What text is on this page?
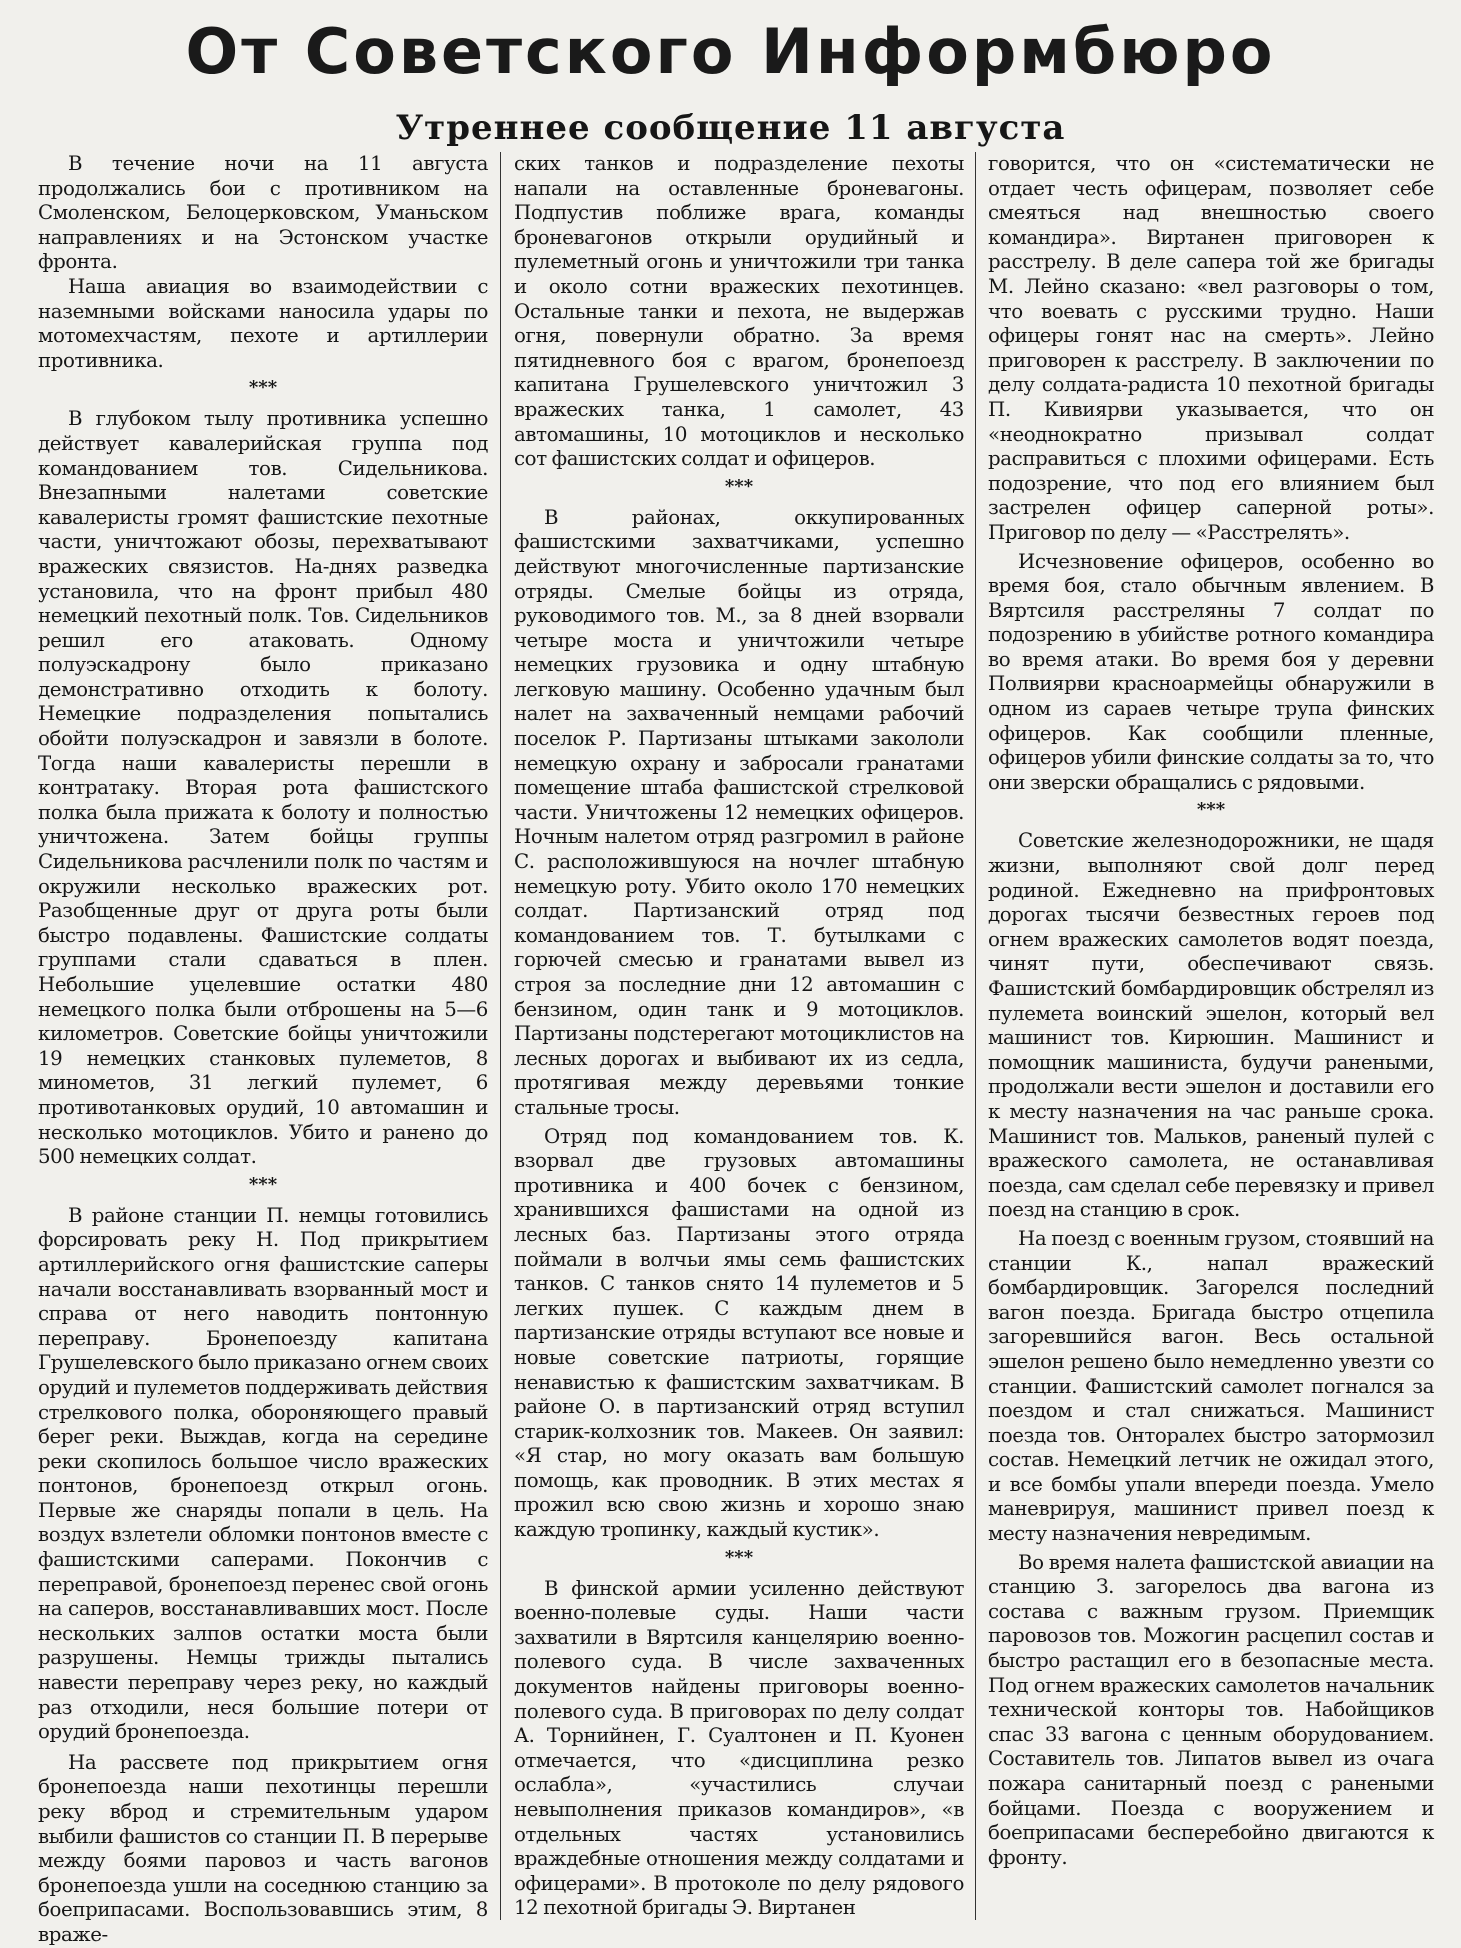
От Советского Информбюро
Утреннее сообщение 11 августа

В течение ночи на 11 августа продолжались бои с противником на Смоленском, Белоцерковском, Уманьском направлениях и на Эстонском участке фронта.

Наша авиация во взаимодействии с наземными войсками наносила удары по мотомехчастям, пехоте и артиллерии противника.

***

В глубоком тылу противника успешно действует кавалерийская группа под командованием тов. Сидельникова. Внезапными налетами советские кавалеристы громят фашистские пехотные части, уничтожают обозы, перехватывают вражеских связистов. На-днях разведка установила, что на фронт прибыл 480 немецкий пехотный полк. Тов. Сидельников решил его атаковать. Одному полуэскадрону было приказано демонстративно отходить к болоту. Немецкие подразделения попытались обойти полуэскадрон и завязли в болоте. Тогда наши кавалеристы перешли в контратаку. Вторая рота фашистского полка была прижата к болоту и полностью уничтожена. Затем бойцы группы Сидельникова расчленили полк по частям и окружили несколько вражеских рот. Разобщенные друг от друга роты были быстро подавлены. Фашистские солдаты группами стали сдаваться в плен. Небольшие уцелевшие остатки 480 немецкого полка были отброшены на 5—6 километров. Советские бойцы уничтожили 19 немецких станковых пулеметов, 8 минометов, 31 легкий пулемет, 6 противотанковых орудий, 10 автомашин и несколько мотоциклов. Убито и ранено до 500 немецких солдат.

***

В районе станции П. немцы готовились форсировать реку Н. Под прикрытием артиллерийского огня фашистские саперы начали восстанавливать взорванный мост и справа от него наводить понтонную переправу. Бронепоезду капитана Грушелевского было приказано огнем своих орудий и пулеметов поддерживать действия стрелкового полка, обороняющего правый берег реки. Выждав, когда на середине реки скопилось большое число вражеских понтонов, бронепоезд открыл огонь. Первые же снаряды попали в цель. На воздух взлетели обломки понтонов вместе с фашистскими саперами. Покончив с переправой, бронепоезд перенес свой огонь на саперов, восстанавливавших мост. После нескольких залпов остатки моста были разрушены. Немцы трижды пытались навести переправу через реку, но каждый раз отходили, неся большие потери от орудий бронепоезда.

На рассвете под прикрытием огня бронепоезда наши пехотинцы перешли реку вброд и стремительным ударом выбили фашистов со станции П. В перерыве между боями паровоз и часть вагонов бронепоезда ушли на соседнюю станцию за боеприпасами. Воспользовавшись этим, 8 враже-

ских танков и подразделение пехоты напали на оставленные броневагоны. Подпустив поближе врага, команды броневагонов открыли орудийный и пулеметный огонь и уничтожили три танка и около сотни вражеских пехотинцев. Остальные танки и пехота, не выдержав огня, повернули обратно. За время пятидневного боя с врагом, бронепоезд капитана Грушелевского уничтожил 3 вражеских танка, 1 самолет, 43 автомашины, 10 мотоциклов и несколько сот фашистских солдат и офицеров.

***

В районах, оккупированных фашистскими захватчиками, успешно действуют многочисленные партизанские отряды. Смелые бойцы из отряда, руководимого тов. М., за 8 дней взорвали четыре моста и уничтожили четыре немецких грузовика и одну штабную легковую машину. Особенно удачным был налет на захваченный немцами рабочий поселок Р. Партизаны штыками закололи немецкую охрану и забросали гранатами помещение штаба фашистской стрелковой части. Уничтожены 12 немецких офицеров. Ночным налетом отряд разгромил в районе С. расположившуюся на ночлег штабную немецкую роту. Убито около 170 немецких солдат. Партизанский отряд под командованием тов. Т. бутылками с горючей смесью и гранатами вывел из строя за последние дни 12 автомашин с бензином, один танк и 9 мотоциклов. Партизаны подстерегают мотоциклистов на лесных дорогах и выбивают их из седла, протягивая между деревьями тонкие стальные тросы.

Отряд под командованием тов. К. взорвал две грузовых автомашины противника и 400 бочек с бензином, хранившихся фашистами на одной из лесных баз. Партизаны этого отряда поймали в волчьи ямы семь фашистских танков. С танков снято 14 пулеметов и 5 легких пушек. С каждым днем в партизанские отряды вступают все новые и новые советские патриоты, горящие ненавистью к фашистским захватчикам. В районе О. в партизанский отряд вступил старик-колхозник тов. Макеев. Он заявил: «Я стар, но могу оказать вам большую помощь, как проводник. В этих местах я прожил всю свою жизнь и хорошо знаю каждую тропинку, каждый кустик».

***

В финской армии усиленно действуют военно-полевые суды. Наши части захватили в Вяртсиля канцелярию военно-полевого суда. В числе захваченных документов найдены приговоры военно-полевого суда. В приговорах по делу солдат А. Торнийнен, Г. Суалтонен и П. Куонен отмечается, что «дисциплина резко ослабла», «участились случаи невыполнения приказов командиров», «в отдельных частях установились враждебные отношения между солдатами и офицерами». В протоколе по делу рядового 12 пехотной бригады Э. Виртанен

говорится, что он «систематически не отдает честь офицерам, позволяет себе смеяться над внешностью своего командира». Виртанен приговорен к расстрелу. В деле сапера той же бригады М. Лейно сказано: «вел разговоры о том, что воевать с русскими трудно. Наши офицеры гонят нас на смерть». Лейно приговорен к расстрелу. В заключении по делу солдата-радиста 10 пехотной бригады П. Кивиярви указывается, что он «неоднократно призывал солдат расправиться с плохими офицерами. Есть подозрение, что под его влиянием был застрелен офицер саперной роты». Приговор по делу — «Расстрелять».

Исчезновение офицеров, особенно во время боя, стало обычным явлением. В Вяртсиля расстреляны 7 солдат по подозрению в убийстве ротного командира во время атаки. Во время боя у деревни Полвиярви красноармейцы обнаружили в одном из сараев четыре трупа финских офицеров. Как сообщили пленные, офицеров убили финские солдаты за то, что они зверски обращались с рядовыми.

***

Советские железнодорожники, не щадя жизни, выполняют свой долг перед родиной. Ежедневно на прифронтовых дорогах тысячи безвестных героев под огнем вражеских самолетов водят поезда, чинят пути, обеспечивают связь. Фашистский бомбардировщик обстрелял из пулемета воинский эшелон, который вел машинист тов. Кирюшин. Машинист и помощник машиниста, будучи ранеными, продолжали вести эшелон и доставили его к месту назначения на час раньше срока. Машинист тов. Мальков, раненый пулей с вражеского самолета, не останавливая поезда, сам сделал себе перевязку и привел поезд на станцию в срок.

На поезд с военным грузом, стоявший на станции К., напал вражеский бомбардировщик. Загорелся последний вагон поезда. Бригада быстро отцепила загоревшийся вагон. Весь остальной эшелон решено было немедленно увезти со станции. Фашистский самолет погнался за поездом и стал снижаться. Машинист поезда тов. Онторалех быстро затормозил состав. Немецкий летчик не ожидал этого, и все бомбы упали впереди поезда. Умело маневрируя, машинист привел поезд к месту назначения невредимым.

Во время налета фашистской авиации на станцию З. загорелось два вагона из состава с важным грузом. Приемщик паровозов тов. Можогин расцепил состав и быстро растащил его в безопасные места. Под огнем вражеских самолетов начальник технической конторы тов. Набойщиков спас 33 вагона с ценным оборудованием. Составитель тов. Липатов вывел из очага пожара санитарный поезд с ранеными бойцами. Поезда с вооружением и боеприпасами бесперебойно двигаются к фронту.
